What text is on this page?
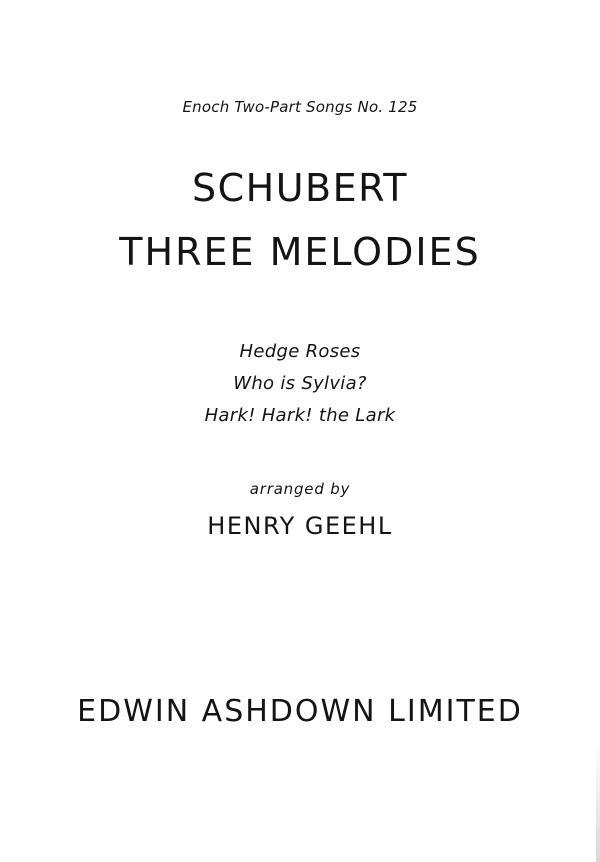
Enoch Two-Part Songs No. 125
SCHUBERT
THREE MELODIES
Hedge Roses
Who is Sylvia?
Hark! Hark! the Lark
arranged by
HENRY GEEHL
EDWIN ASHDOWN LIMITED
